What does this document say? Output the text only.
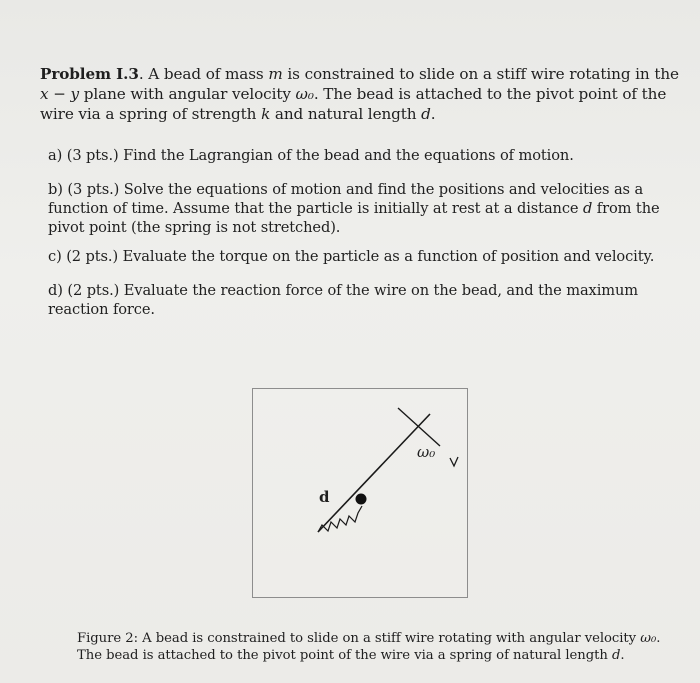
Problem I.3. A bead of mass m is constrained to slide on a stiff wire rotating in the x − y plane with angular velocity ω₀. The bead is attached to the pivot point of the wire via a spring of strength k and natural length d.
a) (3 pts.) Find the Lagrangian of the bead and the equations of motion.
b) (3 pts.) Solve the equations of motion and find the positions and velocities as a function of time. Assume that the particle is initially at rest at a distance d from the pivot point (the spring is not stretched).
c) (2 pts.) Evaluate the torque on the particle as a function of position and velocity.
d) (2 pts.) Evaluate the reaction force of the wire on the bead, and the maximum reaction force.
d
ω₀
Figure 2: A bead is constrained to slide on a stiff wire rotating with angular velocity ω₀. The bead is attached to the pivot point of the wire via a spring of natural length d.
